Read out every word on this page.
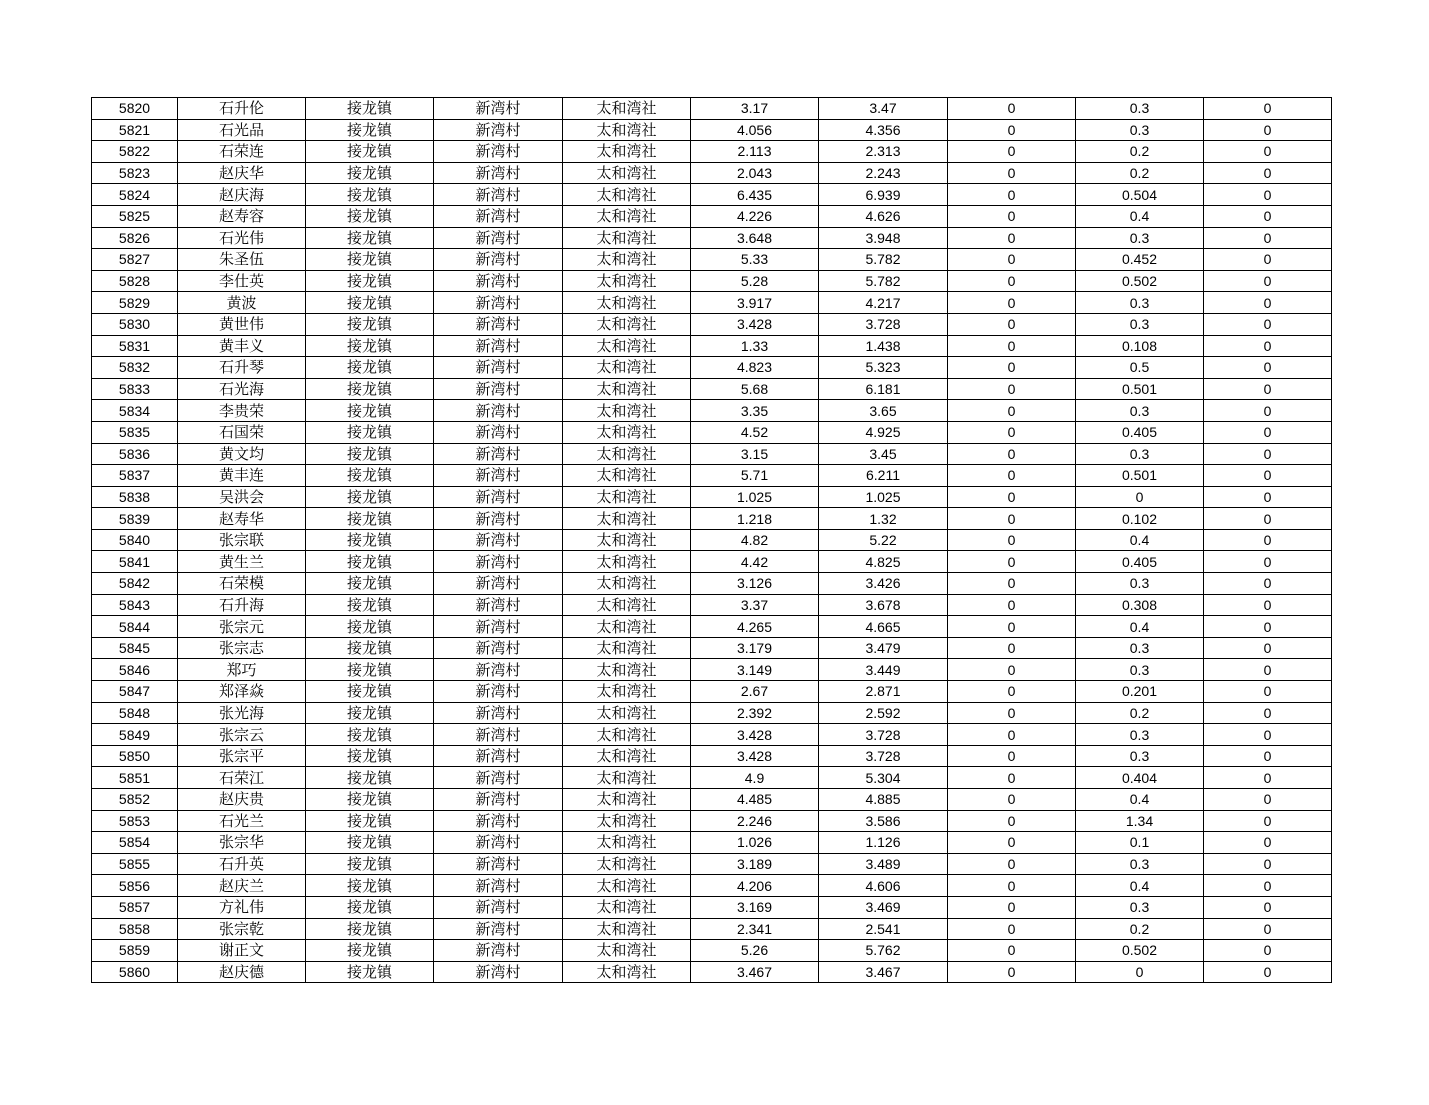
5820	石升伦	接龙镇	新湾村	太和湾社	3.17	3.47	0	0.3	0
5821	石光品	接龙镇	新湾村	太和湾社	4.056	4.356	0	0.3	0
5822	石荣连	接龙镇	新湾村	太和湾社	2.113	2.313	0	0.2	0
5823	赵庆华	接龙镇	新湾村	太和湾社	2.043	2.243	0	0.2	0
5824	赵庆海	接龙镇	新湾村	太和湾社	6.435	6.939	0	0.504	0
5825	赵寿容	接龙镇	新湾村	太和湾社	4.226	4.626	0	0.4	0
5826	石光伟	接龙镇	新湾村	太和湾社	3.648	3.948	0	0.3	0
5827	朱圣伍	接龙镇	新湾村	太和湾社	5.33	5.782	0	0.452	0
5828	李仕英	接龙镇	新湾村	太和湾社	5.28	5.782	0	0.502	0
5829	黄波	接龙镇	新湾村	太和湾社	3.917	4.217	0	0.3	0
5830	黄世伟	接龙镇	新湾村	太和湾社	3.428	3.728	0	0.3	0
5831	黄丰义	接龙镇	新湾村	太和湾社	1.33	1.438	0	0.108	0
5832	石升琴	接龙镇	新湾村	太和湾社	4.823	5.323	0	0.5	0
5833	石光海	接龙镇	新湾村	太和湾社	5.68	6.181	0	0.501	0
5834	李贵荣	接龙镇	新湾村	太和湾社	3.35	3.65	0	0.3	0
5835	石国荣	接龙镇	新湾村	太和湾社	4.52	4.925	0	0.405	0
5836	黄文均	接龙镇	新湾村	太和湾社	3.15	3.45	0	0.3	0
5837	黄丰连	接龙镇	新湾村	太和湾社	5.71	6.211	0	0.501	0
5838	吴洪会	接龙镇	新湾村	太和湾社	1.025	1.025	0	0	0
5839	赵寿华	接龙镇	新湾村	太和湾社	1.218	1.32	0	0.102	0
5840	张宗联	接龙镇	新湾村	太和湾社	4.82	5.22	0	0.4	0
5841	黄生兰	接龙镇	新湾村	太和湾社	4.42	4.825	0	0.405	0
5842	石荣模	接龙镇	新湾村	太和湾社	3.126	3.426	0	0.3	0
5843	石升海	接龙镇	新湾村	太和湾社	3.37	3.678	0	0.308	0
5844	张宗元	接龙镇	新湾村	太和湾社	4.265	4.665	0	0.4	0
5845	张宗志	接龙镇	新湾村	太和湾社	3.179	3.479	0	0.3	0
5846	郑巧	接龙镇	新湾村	太和湾社	3.149	3.449	0	0.3	0
5847	郑泽焱	接龙镇	新湾村	太和湾社	2.67	2.871	0	0.201	0
5848	张光海	接龙镇	新湾村	太和湾社	2.392	2.592	0	0.2	0
5849	张宗云	接龙镇	新湾村	太和湾社	3.428	3.728	0	0.3	0
5850	张宗平	接龙镇	新湾村	太和湾社	3.428	3.728	0	0.3	0
5851	石荣江	接龙镇	新湾村	太和湾社	4.9	5.304	0	0.404	0
5852	赵庆贵	接龙镇	新湾村	太和湾社	4.485	4.885	0	0.4	0
5853	石光兰	接龙镇	新湾村	太和湾社	2.246	3.586	0	1.34	0
5854	张宗华	接龙镇	新湾村	太和湾社	1.026	1.126	0	0.1	0
5855	石升英	接龙镇	新湾村	太和湾社	3.189	3.489	0	0.3	0
5856	赵庆兰	接龙镇	新湾村	太和湾社	4.206	4.606	0	0.4	0
5857	方礼伟	接龙镇	新湾村	太和湾社	3.169	3.469	0	0.3	0
5858	张宗乾	接龙镇	新湾村	太和湾社	2.341	2.541	0	0.2	0
5859	谢正文	接龙镇	新湾村	太和湾社	5.26	5.762	0	0.502	0
5860	赵庆德	接龙镇	新湾村	太和湾社	3.467	3.467	0	0	0
